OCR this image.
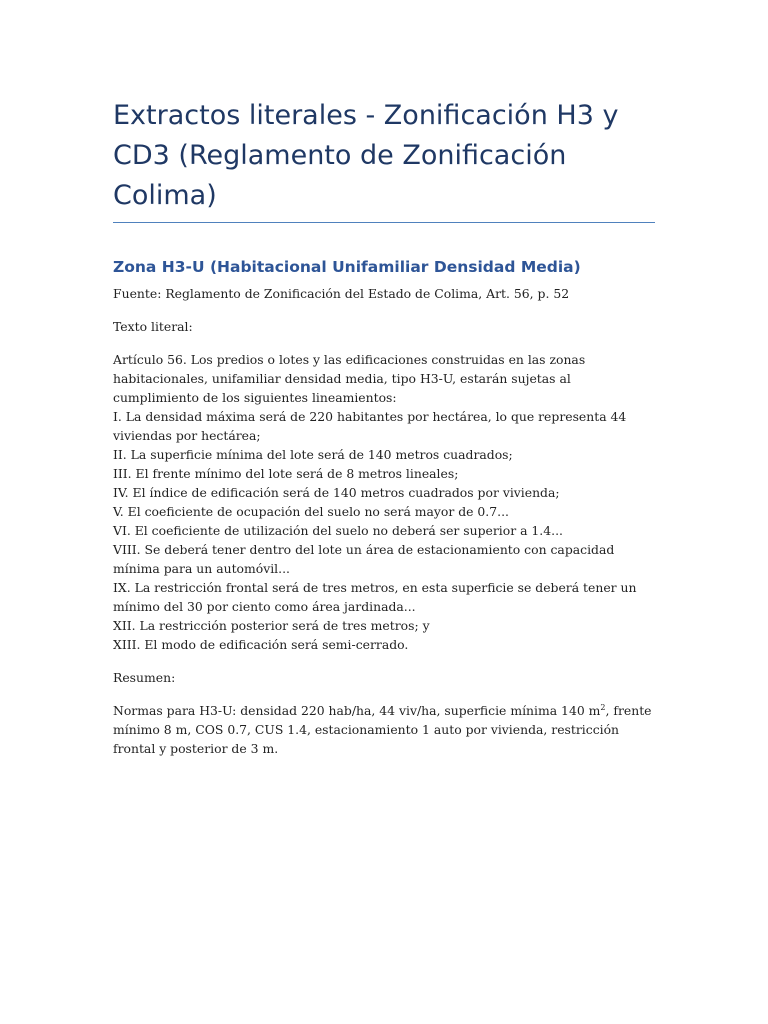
Extractos literales - Zonificación H3 y CD3 (Reglamento de Zonificación Colima)
Zona H3-U (Habitacional Unifamiliar Densidad Media)

Fuente: Reglamento de Zonificación del Estado de Colima, Art. 56, p. 52

Texto literal:

Artículo 56. Los predios o lotes y las edificaciones construidas en las zonas habitacionales, unifamiliar densidad media, tipo H3-U, estarán sujetas al cumplimiento de los siguientes lineamientos:
I. La densidad máxima será de 220 habitantes por hectárea, lo que representa 44 viviendas por hectárea;
II. La superficie mínima del lote será de 140 metros cuadrados;
III. El frente mínimo del lote será de 8 metros lineales;
IV. El índice de edificación será de 140 metros cuadrados por vivienda;
V. El coeficiente de ocupación del suelo no será mayor de 0.7...
VI. El coeficiente de utilización del suelo no deberá ser superior a 1.4...
VIII. Se deberá tener dentro del lote un área de estacionamiento con capacidad mínima para un automóvil...
IX. La restricción frontal será de tres metros, en esta superficie se deberá tener un mínimo del 30 por ciento como área jardinada...
XII. La restricción posterior será de tres metros; y
XIII. El modo de edificación será semi-cerrado.

Resumen:

Normas para H3-U: densidad 220 hab/ha, 44 viv/ha, superficie mínima 140 $m^2$, frente mínimo 8 m, COS 0.7, CUS 1.4, estacionamiento 1 auto por vivienda, restricción frontal y posterior de 3 m.
